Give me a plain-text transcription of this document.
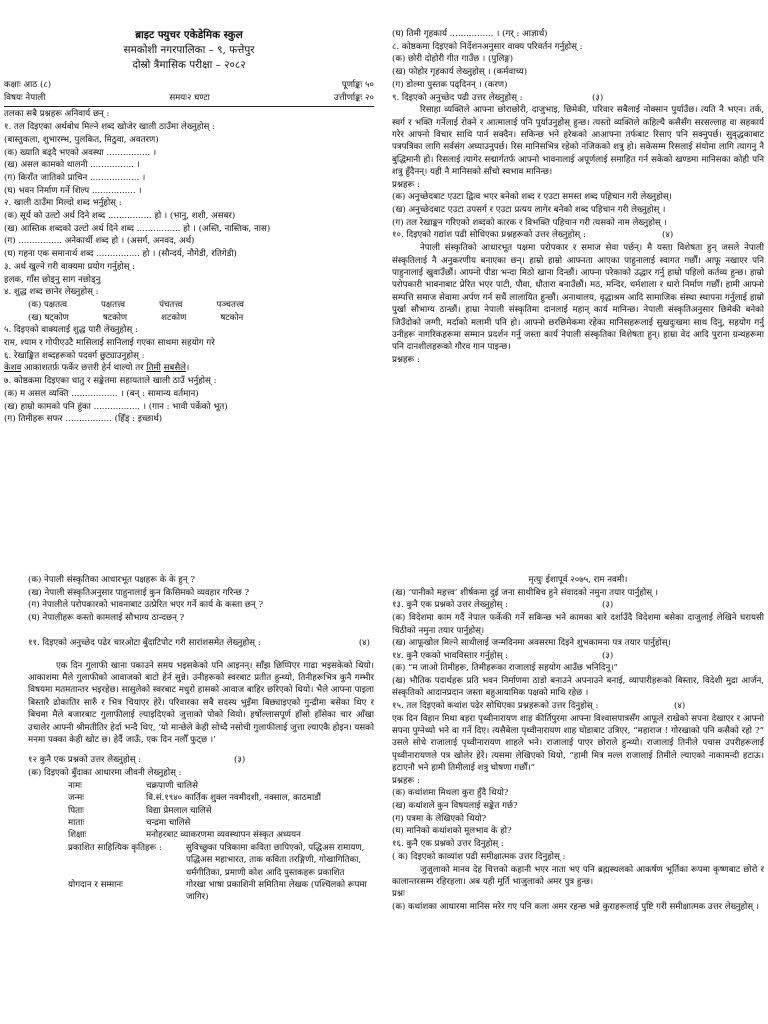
ब्राइट फ्युचर एकेडेमिक स्कुल
समकोशी नगरपालिका – ९, फत्तेपुर
दोस्रो त्रैमासिक परीक्षा – २०८२
कक्षाः आठ (८)	पूर्णाङ्कः ५०
विषयः नेपाली	समयः२ घण्टा	उत्तीर्णाङ्कः २०
तलका सबै प्रश्नहरू अनिवार्य छन् :
१. तल दिइएका अर्थबोध मिल्ने शब्द खोजेर खाली ठाउँमा लेख्नुहोस् :
(बास्तुकला, शुभारम्भ, पुलकित, मिठुवा, अवतरण)
(क) ख्याति बढ्दै भएको अवस्था ................ ।
(ख) असल कामको थालनी ................ ।
(ग) किराँत जातिको प्राचिन .................. ।
(घ) भवन निर्माण गर्ने शिल्प ................ ।
२. खाली ठाउँमा मिल्दो शब्द भर्नुहोस् :
(क) सूर्य को उल्टो अर्थ दिने शब्द ................ हो । (भानु, शशी, असबर)
(ख) आस्तिक शब्दको उल्टो अर्थ दिने शब्द ................ हो । (अस्ति, नास्तिक, नास)
(ग) ................ अनेकार्थी शब्द हो । (असर्ग, अनवद, अर्थ)
(घ) गहना एक समानार्थ शब्द ................ हो । (सौन्दर्य, नौगेडी, रतिगेडी)
३. अर्थ खुल्ने गरी वाक्यमा प्रयोग गर्नुहोस् :
हलक, गाँस छोड्नु साग नछोड्नु
४. शुद्ध शब्द छानेर लेख्नुहोस् :
(क) पक्षतत्व	पक्षतत्त्व	पंचतत्त्व	पञ्चतत्त्व
(ख) षट्कोण	षटकोण	शटकोण	षटकोन
५. दिइएको वाक्यलाई शुद्ध पारी लेख्नुहोस् :
राम, श्याम र गोपीएउटै मासिलाई सानिलाई गएका साथमा सहयोग गरे
६. रेखाङ्कित शब्दहरूको पदवर्ग छुट्याउनुहोस् :
केशव आकाशतर्फ़ फर्केर छत्तरी हेर्न थाल्यो तर तिमी सबसैले।
७. कोष्ठकमा दिइएका धातु र सङ्केतमा सहायताले खाली ठाउँ भर्नुहोस् :
(क) म असल व्यक्ति ................. । (बन् : सामान्य वर्तमान)
(ख) हाम्रो कामको पनि हुंका ................. । (गान : भावी पर्केको भूत)
(ग) तिमीहरू सफर ................. (हिँड् : इच्छार्थ)
(घ) तिमी गृहकार्य ................ । (गर् : आज्ञार्थ)
८. कोष्ठकमा दिइएको निर्देशनअनुसार वाक्य परिवर्तन गर्नुहोस् :
(क) छोरी दोहोरी गीत गाउँछ । (पुलिङ्ग)
(ख) फोहोर गृहकार्य लेख्नुहोस् । (कर्मवाच्य)
(ग) डोल्मा पुस्तक पढ्दिनन् । (करण)
९. दिइएको अनुच्छेद पढी उत्तर लेख्नुहोस् :	(३)
रिसाहा व्यक्तिले आफ्ना छोराछोरी, दाजुभाइ, छिमेकी, परिवार सबैलाई नोक्सान पुर्याउँछ। त्यति नै भएन। तर्क, स्वर्ग र भक्ति गर्नेलाई रोक्ने र आत्मालाई पनि पुर्याउनुहोस् हुन्छ। त्यस्तो व्यक्तिले कहिल्यै कसैसँग सरसल्लाह वा सहकार्य गरेर आफ्नो विचार साथि पार्न सक्दैन। सकिन्छ भने हरेकको आआफ्ना तर्फबाट रिसाए पनि सक्नुपर्छ। सुवृद्धकाबाट पत्रपत्रिका लागि सर्वसंग अघ्याउनुपर्छ। रिस मानिसभित्र रहेको नजिकको शत्रु हो। सकेसम्म रिसलाई संयोमा लागि त्यागनु नै बुद्धिमानी हो। रिसलाई त्यागेर सद्मार्गतर्फ आफ्नो भावनालाई अपूर्णलाई समाहित गर्न सकेको खण्डमा मानिसका कोही पनि शत्रु हुँदैनन्। यही नै मानिसको साँचो स्वभाव मानिन्छ।
प्रश्नहरू :
(क) अनुच्छेदबाट एउटा द्वित्व भएर बनेको शब्द र एउटा समस्त शब्द पहिचान गरी लेख्नुहोस्।
(ख) अनुच्छेदबाट एउटा उपसर्ग र एउटा प्रत्यय लागेर बनेको शब्द पहिचान गरी लेख्नुहोस् ।
(ग) तल रेखाङ्कन गरिएको शब्दको कारक र विभक्ति पहिचान गरी त्यसको नाम लेख्नुहोस् ।
१०. दिइएको गद्यांश पढी सोधिएका प्रश्नहरूको उत्तर लेख्नुहोस् :	(४)
नेपाली संस्कृतिको आधारभूत पक्षमा परोपकार र समाज सेवा पर्छन्। मै यस्ता विशेषता हुन् जसले नेपाली संस्कृतिलाई नै अनुकरणीय बनाएका छन्। हाम्रो हाम्रो आफ्नता आएका पाहुनालाई स्वागत गर्छौं। आफू नखाएर पनि पाहुनालाई खुवाउँछौं। आफ्नो पीडा भन्दा मिठो खाना दिन्छौं। आफ्ना परेकाको उद्धार गर्नु हाम्रो पहिलो कर्तव्य हुन्छ। हाम्रो परोपकारी भावनाबाट प्रेरित भएर पाटी, पौवा, धौतारा बनाउँछौं। मठ, मन्दिर, धर्मशाला र धारो निर्माण गर्छौं। हामी आफ्नो सम्पत्ति समाज सेवामा अर्पण गर्न सधैं लालायित हुन्छौं। अनाथालय, वृद्धाश्रम आदि सामाजिक संस्था स्थापना गर्नुलाई हाम्रो पुर्खा सौभाग्य ठान्छौं। हाम्रा नेपाली संस्कृतिमा दानलाई महान् कार्य मानिन्छ। नेपाली संस्कृतिअनुसार छिमेकी बनेको जिउँदोको जग्गी, मर्दाको मलामी पनि हो। आफ्नो छरछिमेकमा रहेका मानिसहरूलाई सुखदुःखमा साथ दिनु, सहयोग गर्नु उनीहरू नागरिकहरूमा सम्मान प्रदर्शन गर्नु जस्ता कार्य नेपाली संस्कृतिका विशेषता हुन्। हाम्रा वेद आदि पुराना ग्रन्थहरूमा पनि दानशीलहरूको गौरव गान पाइन्छ।
प्रश्नहरू :
(क) नेपाली संस्कृतिका आधारभूत पक्षहरू के के हुन् ?
(ख) नेपाली संस्कृतिअनुसार पाहुनालाई कुन किसिमको व्यवहार गरिन्छ ?
(ग) नेपालीले परोपकारको भावनाबाट उत्प्रेरित भएर गर्ने कार्य के कस्ता छन् ?
(घ) नेपालीहरू कस्तो कामलाई सौभाग्य ठान्दछन् ?
११. दिइएको अनुच्छेद पढेर चारओटा बुँदाटिपोट गरी सारांशसमेत लेख्नुहोस् :	(४)
एक दिन गुलाफी खाना पकाउने समय भइसकेको पनि आइनन्। साँझ छिप्पिएर गाढा भइसकेको थियो। आकाशमा मैले गुलाफीको आवाजको बाटो हेर्न सुन्ने। उनीहरूको स्वरबाट प्रतीत हुन्थ्यो, तिनीहरूभित्र कुनै गम्भीर विषयमा मतमतान्तर भइरहेछ। सासुलेको स्वरबाट मधुरो हासको आवाज बाहिर छरिएको थियो। भैले आफ्ना पाइला बिस्तारै ढोकातिर सारुँ र भित्र चियाएर हेरें। परिवारका सबै सदस्य भुइँमा बिछ्याइएको गुन्द्रीमा बसेका थिए र बिचमा मैले बजारबाट गुलाफीलाई ल्याइदिएको जुत्ताको पोको थियो। हर्षोल्लासपूर्ण हाँसो हाँसेका चार आँखा उचालेर आफ्नी श्रीमतीतिर हेर्दा भन्दै थिए, ‘यो मान्छेले केही सोच्दै नसोची गुलाफीलाई जुत्ता ल्याएकै होइन। यसको मनमा पक्का केही खोट छ। हेर्दै जाऊँ, एक दिन नलौँ फुट्छ ।’
१२ कुनै एक प्रश्नको उत्तर लेख्नुहोस् :	(३)
(क) दिइएको बुँदाका आधारमा जीवनी लेख्नुहोस् :
नामः	चक्रपाणी चालिसे
जन्मः	वि.सं.१९४० कार्तिक शुक्ल नवमीदशी, नक्साल, काठमाडौं
पिताः	विद्या प्रेमलाल चालिसे
माताः	चन्द्रमा चालिसे
शिक्षाः	मनोहरबाट व्याकरणमा व्यवस्थापन संस्कृत अध्ययन
प्रकाशित साहित्यिक कृतिहरू :	सुविच्छुका पत्रिकामा कविता छापिएको, पद्धिअस रामायण, पद्धिअस महाभारत, ताक कविता तरङ्गिणी, गोखागितिका, धर्मगीतिका, प्रमाणी कोश आदि पुस्तकहरू प्रकाशित
योगदान र सम्मानः	गोरखा भाषा प्रकाशिनी समितिमा लेखक (पश्चिलको रूपमा जागिर)
मृत्युः ईशापूर्व २०७५, राम नवमी।
(ख) ‘पानीको महत्त्व’ शीर्षकमा दुई जना साथीबिच हुने संवादको नमुना तयार पार्नुहोस् ।
१३. कुनै एक प्रश्नको उत्तर लेख्नुहोस् :	(३)
(क) विदेशमा काम गर्दै नेपाल फर्केकी गर्ने सकिन्छ भने कामका बारे दर्शाउँदै विदेशमा बसेका दाजुलाई लेखिने घरायसी चिठीको नमुना तयार पार्नुहोस्।
(ख) आफूखोल मिल्ने साथीलाई जन्मदिनमा अवसरमा दिइने शुभकामना पत्र तयार पार्नुहोस्।
१४. कुनै एकको भावविस्तार गर्नुहोस् :	(३)
(क) “म जाओ तिमीहरू, तिमीहरूका राजालाई सहयोग आउँछ भनिदिनू।”
(ख) भौतिक पदार्थहरू प्रति भवन निर्माणमा ठाडो बनाउने अपनाउने बनाई, व्यापारीहरूको बिस्तार, विदेशी मुद्रा आर्जन, संस्कृतिको आदानप्रदान जस्ता बहुआयामिक पक्षको माथि रहेछ ।
१५. तल दिइएको कथांश पढेर सोधिएका प्रश्नहरूको उत्तर दिनुहोस् :	(४)
एक दिन विहान मिथा बहरा पृथ्वीनारायण शाह कीर्तिपुरमा आफ्ना विश्वासपात्रसँग आफूले राखेको सपना देखाएर र आफ्नो सपना पुग्नेथ्यो भने वा गर्ने दिए। त्यसैबेला पृथ्वीनारायण शाह घोडाबाट उत्रिएर, “महाराज ! गोरखाको पनि कसैको रहो ?” उसले सोधे राजालाई पृथ्वीनारायण शाहले भने। राजालाई पाएर छोराले हुन्थ्यो। राजालाई तिनीले पचास उपरीहरूलाई पृथ्वीनारायणले पत्र खोलेर हेरें। त्यसमा लेखिएको थियो, “हामी मित्र मल्ल राजालाई तिमीले ल्याएको नाकामन्दी हटाऊ। हटाएनौ भने हामी तिमीलाई शत्रु घोषणा गर्छौं।”
प्रश्नहरू :
(क) कथांशमा मिथला कुरा हुँदै थियो?
(ख) कथांशले कुन विषयलाई सङ्केत गर्छ?
(ग) पत्रमा के लेखिएको थियो?
(घ) मानिको कथांशको मूलभाव के हो?
१६. कुनै एक प्रश्नको उत्तर दिनुहोस् :
( क) दिइएको काव्यांश पढी समीक्षात्मक उत्तर दिनुहोस् :
जुजुलाको मानव देह चित्तको कहानी भएर नाता भए पनि ब्रह्मस्थलको आकर्षण भूर्तिका रूपमा कृष्णबाट छोरो र कालान्तरसम्म रहिरहला। अब यही मूर्ति भाजुलाको अमर पुत्र हुन्छ।
प्रश्नः
(क) कथांशका आधारमा मानिस मरेर गए पनि कला अमर रहन्छ भन्ने कुराहरूलाई पुष्टि गरी समीक्षात्मक उत्तर लेख्नुहोस् ।
